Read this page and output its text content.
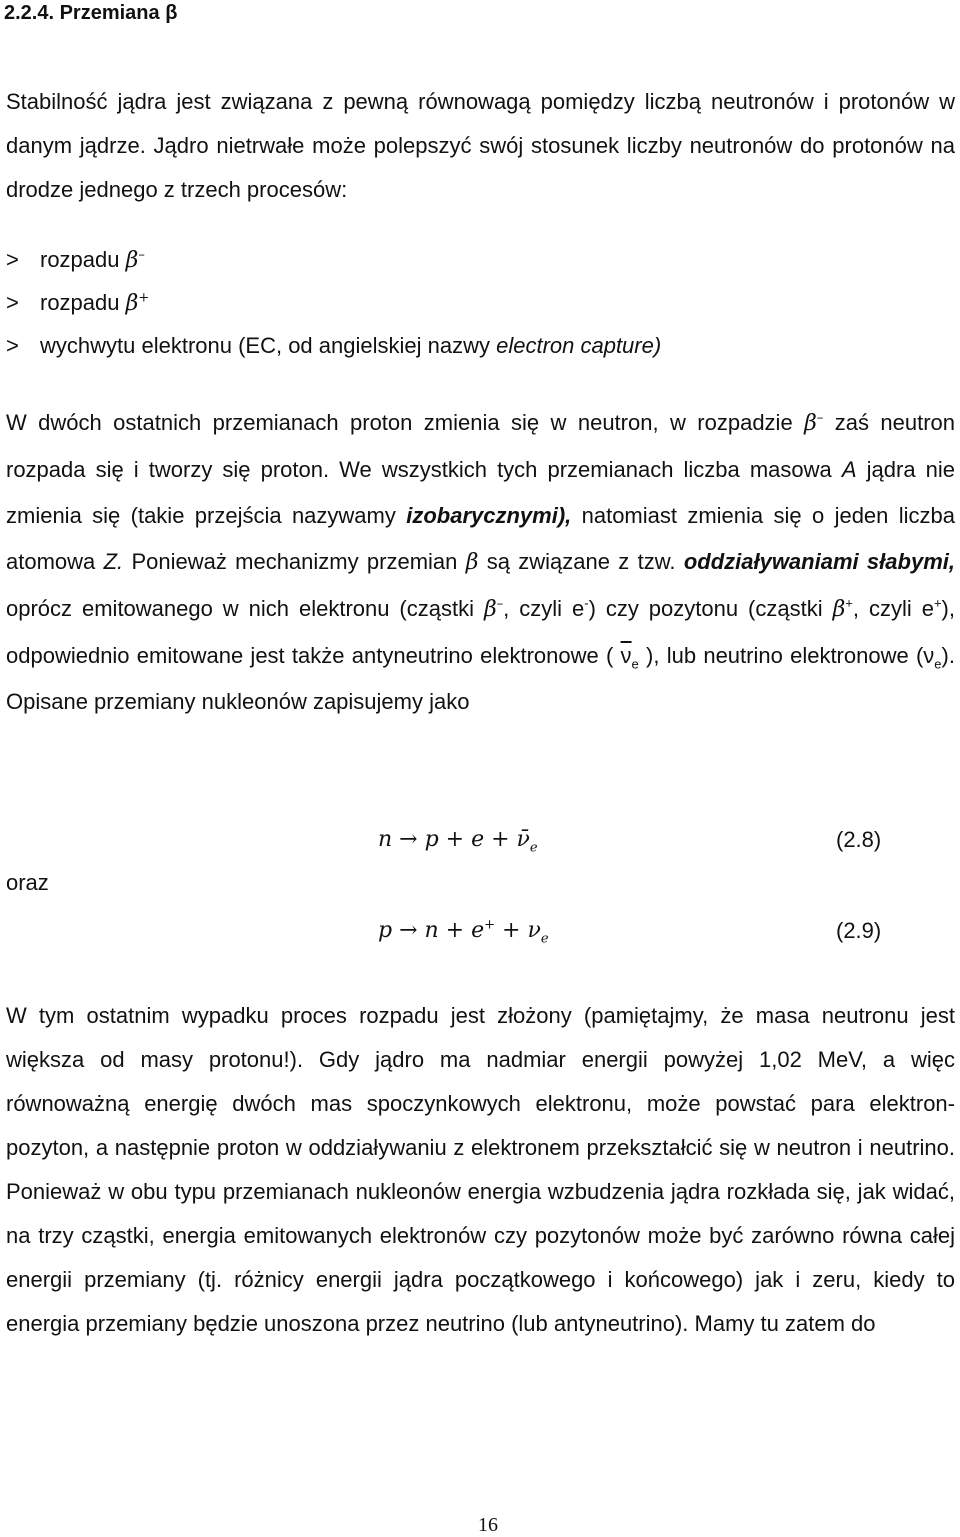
2.2.4. Przemiana β

Stabilność jądra jest związana z pewną równowagą pomiędzy liczbą neutronów i protonów w danym jądrze. Jądro nietrwałe może polepszyć swój stosunek liczby neutronów do protonów na drodze jednego z trzech procesów:

> rozpadu β–
> rozpadu β+
> wychwytu elektronu (EC, od angielskiej nazwy electron capture)

W dwóch ostatnich przemianach proton zmienia się w neutron, w rozpadzie β– zaś neutron rozpada się i tworzy się proton. We wszystkich tych przemianach liczba masowa A jądra nie zmienia się (takie przejścia nazywamy izobarycznymi), natomiast zmienia się o jeden liczba atomowa Z. Ponieważ mechanizmy przemian β są związane z tzw. oddziaływaniami słabymi, oprócz emitowanego w nich elektronu (cząstki β–, czyli e-) czy pozytonu (cząstki β+, czyli e+), odpowiednio emitowane jest także antyneutrino elektronowe ( $\overline{\nu}_e$ ), lub neutrino elektronowe $(\nu_e)$. Opisane przemiany nukleonów zapisujemy jako

$n \to p + e + \nū_e$	(2.8)
oraz
$p \to n + e^+ + \nu_e$	(2.9)

W tym ostatnim wypadku proces rozpadu jest złożony (pamiętajmy, że masa neutronu jest większa od masy protonu!). Gdy jądro ma nadmiar energii powyżej 1,02 MeV, a więc równoważną energię dwóch mas spoczynkowych elektronu, może powstać para elektron-pozyton, a następnie proton w oddziaływaniu z elektronem przekształcić się w neutron i neutrino. Ponieważ w obu typu przemianach nukleonów energia wzbudzenia jądra rozkłada się, jak widać, na trzy cząstki, energia emitowanych elektronów czy pozytonów może być zarówno równa całej energii przemiany (tj. różnicy energii jądra początkowego i końcowego) jak i zeru, kiedy to energia przemiany będzie unoszona przez neutrino (lub antyneutrino). Mamy tu zatem do

16
